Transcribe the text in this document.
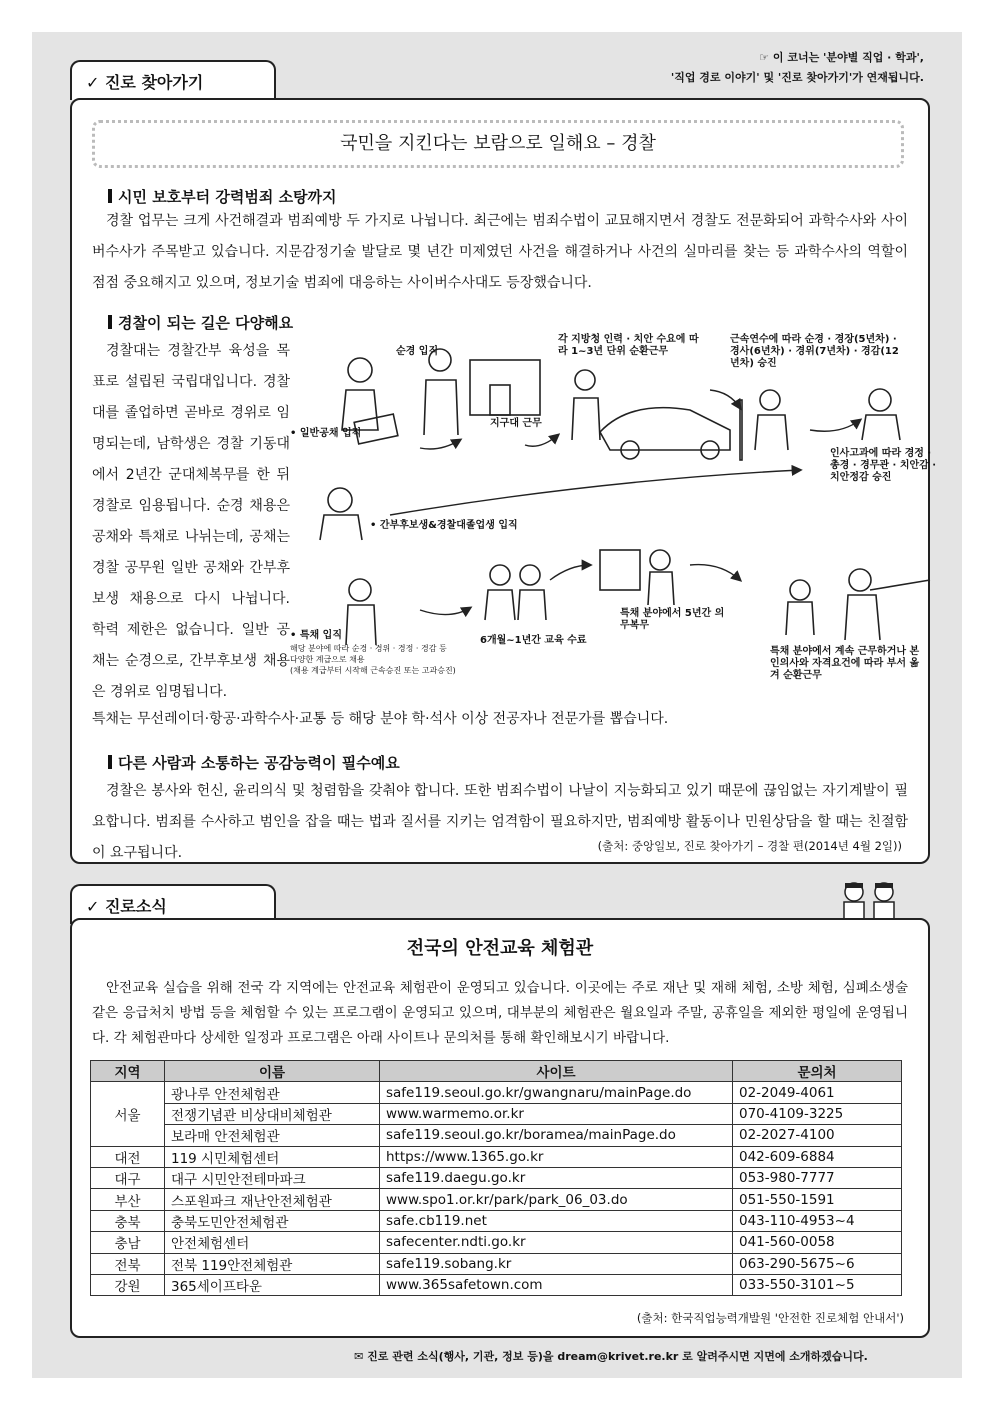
☞ 이 코너는 '분야별 직업 · 학과',
'직업 경로 이야기' 및 '진로 찾아가기'가 연재됩니다.
✓ 진로 찾아가기
국민을 지킨다는 보람으로 일해요 – 경찰
시민 보호부터 강력범죄 소탕까지
경찰 업무는 크게 사건해결과 범죄예방 두 가지로 나뉩니다. 최근에는 범죄수법이 교묘해지면서 경찰도 전문화되어 과학수사와 사이버수사가 주목받고 있습니다. 지문감정기술 발달로 몇 년간 미제였던 사건을 해결하거나 사건의 실마리를 찾는 등 과학수사의 역할이 점점 중요해지고 있으며, 정보기술 범죄에 대응하는 사이버수사대도 등장했습니다.
경찰이 되는 길은 다양해요
경찰대는 경찰간부 육성을 목표로 설립된 국립대입니다. 경찰대를 졸업하면 곧바로 경위로 임명되는데, 남학생은 경찰 기동대에서 2년간 군대체복무를 한 뒤 경찰로 임용됩니다. 순경 채용은 공채와 특채로 나뉘는데, 공채는 경찰 공무원 일반 공채와 간부후보생 채용으로 다시 나뉩니다. 학력 제한은 없습니다. 일반 공채는 순경으로, 간부후보생 채용은 경위로 임명됩니다.
순경 입직
• 일반공채 입직
지구대 근무
각 지방청 인력 · 치안 수요에 따라 1~3년 단위 순환근무
근속연수에 따라 순경 · 경장(5년차) · 경사(6년차) · 경위(7년차) · 경감(12년차) 승진
인사고과에 따라 경정 · 총경 · 경무관 · 치안감 · 치안정감 승진
• 간부후보생&경찰대졸업생 입직
• 특채 입직
해당 분야에 따라 순경 · 경위 · 경정 · 경감 등
다양한 계급으로 채용
(채용 계급부터 시작해 근속승진 또는 고과승진)
6개월~1년간 교육 수료
특채 분야에서 5년간 의무복무
특채 분야에서 계속 근무하거나 본인의사와 자격요건에 따라 부서 옮겨 순환근무
특채는 무선레이더·항공·과학수사·교통 등 해당 분야 학·석사 이상 전공자나 전문가를 뽑습니다.
다른 사람과 소통하는 공감능력이 필수예요
경찰은 봉사와 헌신, 윤리의식 및 청렴함을 갖춰야 합니다. 또한 범죄수법이 나날이 지능화되고 있기 때문에 끊임없는 자기계발이 필요합니다. 범죄를 수사하고 범인을 잡을 때는 법과 질서를 지키는 엄격함이 필요하지만, 범죄예방 활동이나 민원상담을 할 때는 친절함이 요구됩니다.	(출처: 중앙일보, 진로 찾아가기 – 경찰 편(2014년 4월 2일))
✓ 진로소식
전국의 안전교육 체험관
안전교육 실습을 위해 전국 각 지역에는 안전교육 체험관이 운영되고 있습니다. 이곳에는 주로 재난 및 재해 체험, 소방 체험, 심폐소생술 같은 응급처치 방법 등을 체험할 수 있는 프로그램이 운영되고 있으며, 대부분의 체험관은 월요일과 주말, 공휴일을 제외한 평일에 운영됩니다. 각 체험관마다 상세한 일정과 프로그램은 아래 사이트나 문의처를 통해 확인해보시기 바랍니다.
지역	이름	사이트	문의처
서울	광나루 안전체험관	safe119.seoul.go.kr/gwangnaru/mainPage.do	02-2049-4061
	전쟁기념관 비상대비체험관	www.warmemo.or.kr	070-4109-3225
	보라매 안전체험관	safe119.seoul.go.kr/boramea/mainPage.do	02-2027-4100
대전	119 시민체험센터	https://www.1365.go.kr	042-609-6884
대구	대구 시민안전테마파크	safe119.daegu.go.kr	053-980-7777
부산	스포원파크 재난안전체험관	www.spo1.or.kr/park/park_06_03.do	051-550-1591
충북	충북도민안전체험관	safe.cb119.net	043-110-4953~4
충남	안전체험센터	safecenter.ndti.go.kr	041-560-0058
전북	전북 119안전체험관	safe119.sobang.kr	063-290-5675~6
강원	365세이프타운	www.365safetown.com	033-550-3101~5
(출처: 한국직업능력개발원 '안전한 진로체험 안내서')
✉ 진로 관련 소식(행사, 기관, 정보 등)을 dream@krivet.re.kr 로 알려주시면 지면에 소개하겠습니다.
